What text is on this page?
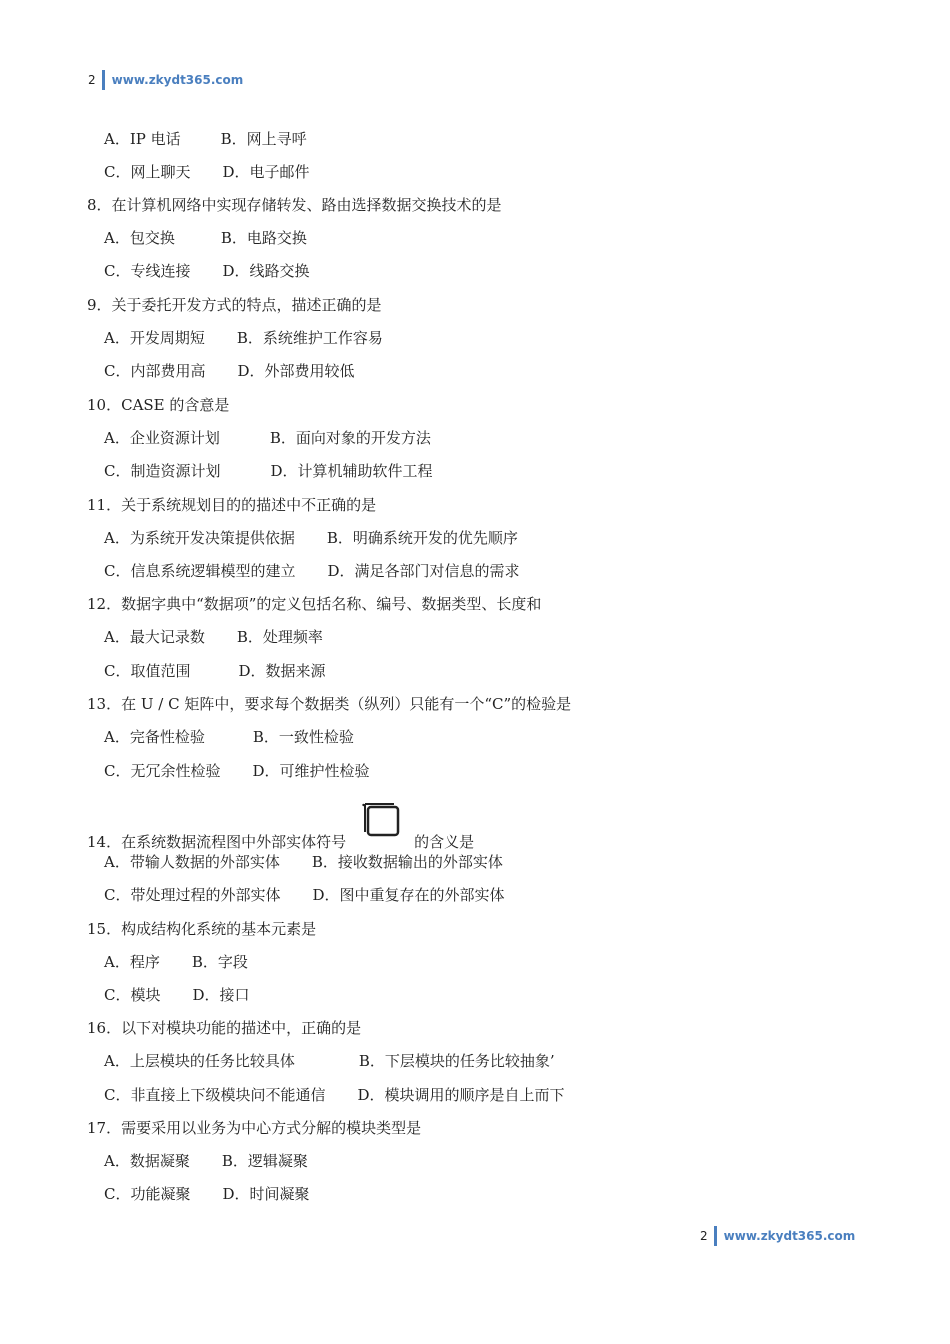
2 www.zkydt365.com
A．IP 电话	B．网上寻呼
C．网上聊天 D．电子邮件
8．在计算机网络中实现存储转发、路由选择数据交换技术的是
A．包交换	B．电路交换
C．专线连接 D．线路交换
9．关于委托开发方式的特点，描述正确的是
A．开发周期短 B．系统维护工作容易
C．内部费用高 D．外部费用较低
10．CASE 的含意是
A．企业资源计划	B．面向对象的开发方法
C．制造资源计划	D．计算机辅助软件工程
11．关于系统规划目的的描述中不正确的是
A．为系统开发决策提供依据 B．明确系统开发的优先顺序
C．信息系统逻辑模型的建立 D．满足各部门对信息的需求
12．数据字典中“数据项”的定义包括名称、编号、数据类型、长度和
A．最大记录数 B．处理频率
C．取值范围	D．数据来源
13．在 U / C 矩阵中，要求每个数据类（纵列）只能有一个“C”的检验是
A．完备性检验	B．一致性检验
C．无冗余性检验 D．可维护性检验
14．在系统数据流程图中外部实体符号	的含义是
A．带输人数据的外部实体 B．接收数据输出的外部实体
C．带处理过程的外部实体 D．图中重复存在的外部实体
15．构成结构化系统的基本元素是
A．程序 B．字段
C．模块 D．接口
16．以下对模块功能的描述中，正确的是
A．上层模块的任务比较具体	B．下层模块的任务比较抽象’
C．非直接上下级模块问不能通信 D．模块调用的顺序是自上而下
17．需要采用以业务为中心方式分解的模块类型是
A．数据凝聚 B．逻辑凝聚
C．功能凝聚 D．时间凝聚
2 www.zkydt365.com
